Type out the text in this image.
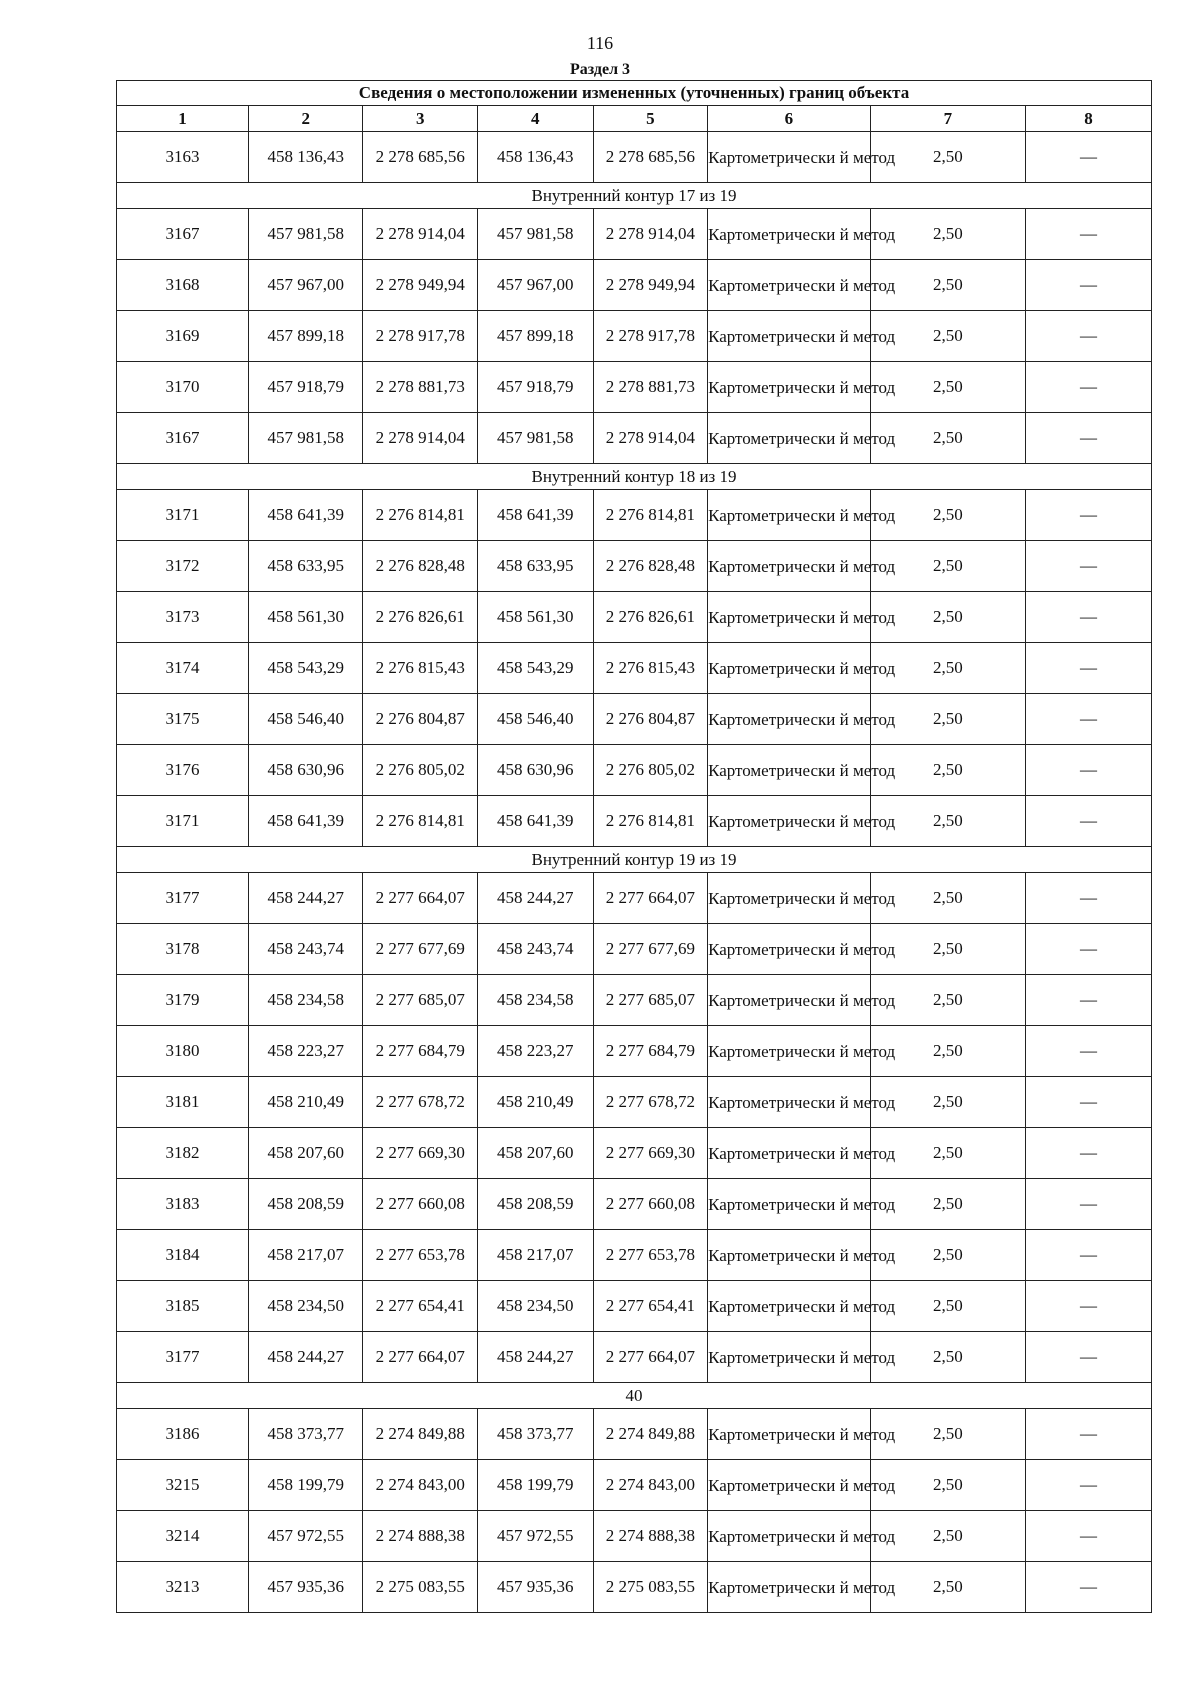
116
Раздел 3
Сведения о местоположении измененных (уточненных) границ объекта							
1	2	3	4	5	6	7	8
3163	458 136,43	2 278 685,56	458 136,43	2 278 685,56	Картометрически й метод	2,50	—
Внутренний контур 17 из 19							
3167	457 981,58	2 278 914,04	457 981,58	2 278 914,04	Картометрически й метод	2,50	—
3168	457 967,00	2 278 949,94	457 967,00	2 278 949,94	Картометрически й метод	2,50	—
3169	457 899,18	2 278 917,78	457 899,18	2 278 917,78	Картометрически й метод	2,50	—
3170	457 918,79	2 278 881,73	457 918,79	2 278 881,73	Картометрически й метод	2,50	—
3167	457 981,58	2 278 914,04	457 981,58	2 278 914,04	Картометрически й метод	2,50	—
Внутренний контур 18 из 19							
3171	458 641,39	2 276 814,81	458 641,39	2 276 814,81	Картометрически й метод	2,50	—
3172	458 633,95	2 276 828,48	458 633,95	2 276 828,48	Картометрически й метод	2,50	—
3173	458 561,30	2 276 826,61	458 561,30	2 276 826,61	Картометрически й метод	2,50	—
3174	458 543,29	2 276 815,43	458 543,29	2 276 815,43	Картометрически й метод	2,50	—
3175	458 546,40	2 276 804,87	458 546,40	2 276 804,87	Картометрически й метод	2,50	—
3176	458 630,96	2 276 805,02	458 630,96	2 276 805,02	Картометрически й метод	2,50	—
3171	458 641,39	2 276 814,81	458 641,39	2 276 814,81	Картометрически й метод	2,50	—
Внутренний контур 19 из 19							
3177	458 244,27	2 277 664,07	458 244,27	2 277 664,07	Картометрически й метод	2,50	—
3178	458 243,74	2 277 677,69	458 243,74	2 277 677,69	Картометрически й метод	2,50	—
3179	458 234,58	2 277 685,07	458 234,58	2 277 685,07	Картометрически й метод	2,50	—
3180	458 223,27	2 277 684,79	458 223,27	2 277 684,79	Картометрически й метод	2,50	—
3181	458 210,49	2 277 678,72	458 210,49	2 277 678,72	Картометрически й метод	2,50	—
3182	458 207,60	2 277 669,30	458 207,60	2 277 669,30	Картометрически й метод	2,50	—
3183	458 208,59	2 277 660,08	458 208,59	2 277 660,08	Картометрически й метод	2,50	—
3184	458 217,07	2 277 653,78	458 217,07	2 277 653,78	Картометрически й метод	2,50	—
3185	458 234,50	2 277 654,41	458 234,50	2 277 654,41	Картометрически й метод	2,50	—
3177	458 244,27	2 277 664,07	458 244,27	2 277 664,07	Картометрически й метод	2,50	—
40							
3186	458 373,77	2 274 849,88	458 373,77	2 274 849,88	Картометрически й метод	2,50	—
3215	458 199,79	2 274 843,00	458 199,79	2 274 843,00	Картометрически й метод	2,50	—
3214	457 972,55	2 274 888,38	457 972,55	2 274 888,38	Картометрически й метод	2,50	—
3213	457 935,36	2 275 083,55	457 935,36	2 275 083,55	Картометрически й метод	2,50	—
